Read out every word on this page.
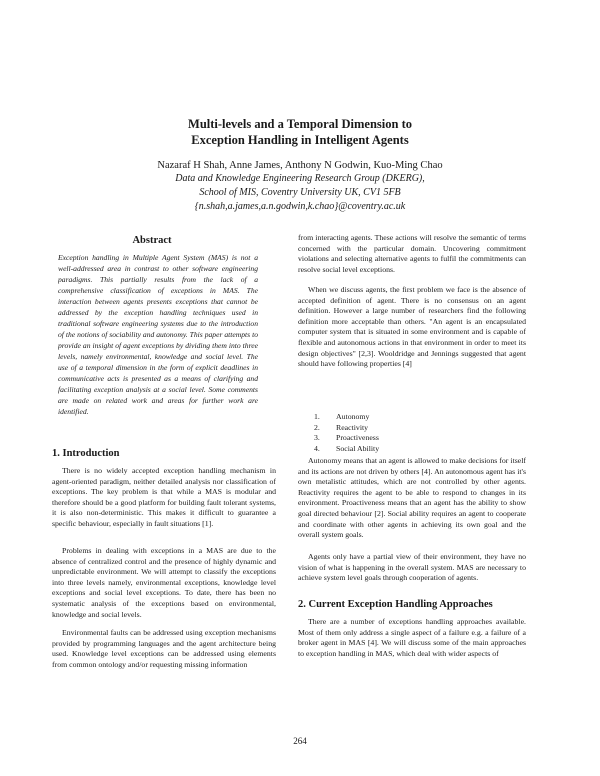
Multi-levels and a Temporal Dimension to
Exception Handling in Intelligent Agents
Nazaraf H Shah, Anne James, Anthony N Godwin, Kuo-Ming Chao
Data and Knowledge Engineering Research Group (DKERG),
School of MIS, Coventry University UK, CV1 5FB
{n.shah,a.james,a.n.godwin,k.chao}@coventry.ac.uk
Abstract
Exception handling in Multiple Agent System (MAS) is not a well-addressed area in contrast to other software engineering paradigms. This partially results from the lack of a comprehensive classification of exceptions in MAS. The interaction between agents presents exceptions that cannot be addressed by the exception handling techniques used in traditional software engineering systems due to the introduction of the notions of sociability and autonomy. This paper attempts to provide an insight of agent exceptions by dividing them into three levels, namely environmental, knowledge and social level. The use of a temporal dimension in the form of explicit deadlines in communicative acts is presented as a means of clarifying and facilitating exception analysis at a social level. Some comments are made on related work and areas for further work are identified.
1. Introduction
There is no widely accepted exception handling mechanism in agent-oriented paradigm, neither detailed analysis nor classification of exceptions. The key problem is that while a MAS is modular and therefore should be a good platform for building fault tolerant systems, it is also non-deterministic. This makes it difficult to guarantee a specific behaviour, especially in fault situations [1].
Problems in dealing with exceptions in a MAS are due to the absence of centralized control and the presence of highly dynamic and unpredictable environment. We will attempt to classify the exceptions into three levels namely, environmental exceptions, knowledge level exceptions and social level exceptions. To date, there has been no systematic analysis of the exceptions based on environmental, knowledge and social levels.
Environmental faults can be addressed using exception mechanisms provided by programming languages and the agent architecture being used. Knowledge level exceptions can be addressed using elements from common ontology and/or requesting missing information
from interacting agents. These actions will resolve the semantic of terms concerned with the particular domain. Uncovering commitment violations and selecting alternative agents to fulfil the commitments can resolve social level exceptions.
When we discuss agents, the first problem we face is the absence of accepted definition of agent. There is no consensus on an agent definition. However a large number of researchers find the following definition more acceptable than others. "An agent is an encapsulated computer system that is situated in some environment and is capable of flexible and autonomous actions in that environment in order to meet its design objectives" [2,3]. Wooldridge and Jennings suggested that agent should have following properties [4]
1.	Autonomy
2.	Reactivity
3.	Proactiveness
4.	Social Ability
Autonomy means that an agent is allowed to make decisions for itself and its actions are not driven by others [4]. An autonomous agent has it's own metalistic attitudes, which are not controlled by other agents. Reactivity requires the agent to be able to respond to changes in its environment. Proactiveness means that an agent has the ability to show goal directed behaviour [2]. Social ability requires an agent to cooperate and coordinate with other agents in achieving its own goal and the overall system goals.
Agents only have a partial view of their environment, they have no vision of what is happening in the overall system. MAS are necessary to achieve system level goals through cooperation of agents.
2. Current Exception Handling Approaches
There are a number of exceptions handling approaches available. Most of them only address a single aspect of a failure e.g. a failure of a broker agent in MAS [4]. We will discuss some of the main approaches to exception handling in MAS, which deal with wider aspects of
264
